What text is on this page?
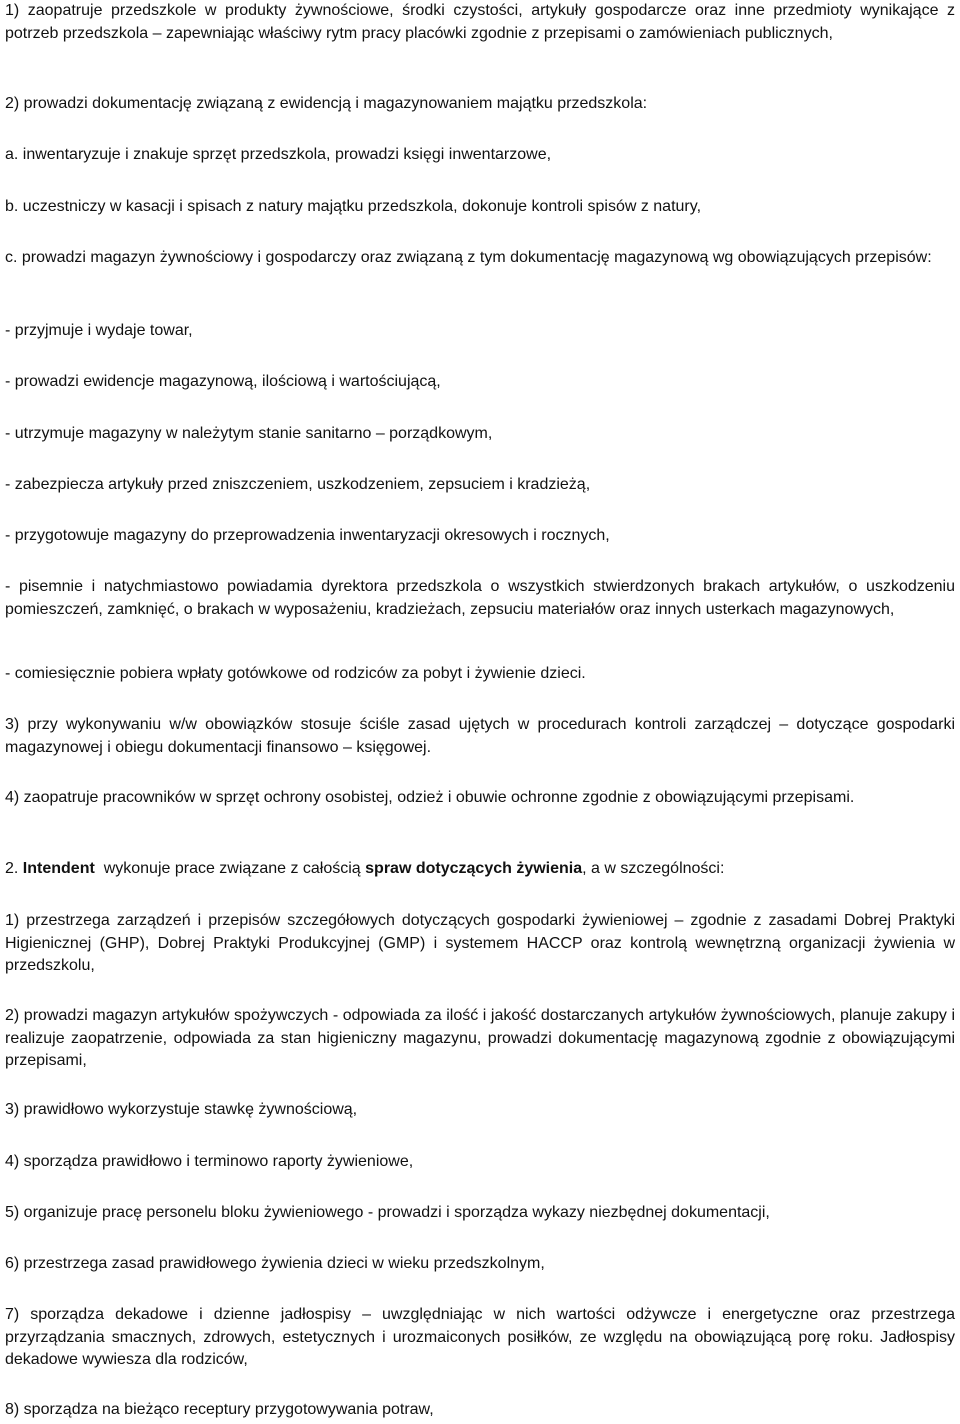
1) zaopatruje przedszkole w produkty żywnościowe, środki czystości, artykuły gospodarcze oraz inne przedmioty wynikające z potrzeb przedszkola – zapewniając właściwy rytm pracy placówki zgodnie z przepisami o zamówieniach publicznych,

2) prowadzi dokumentację związaną z ewidencją i magazynowaniem majątku przedszkola:

a. inwentaryzuje i znakuje sprzęt przedszkola, prowadzi księgi inwentarzowe,

b. uczestniczy w kasacji i spisach z natury majątku przedszkola, dokonuje kontroli spisów z natury,

c. prowadzi magazyn żywnościowy i gospodarczy oraz związaną z tym dokumentację magazynową wg obowiązujących przepisów:

- przyjmuje i wydaje towar,

- prowadzi ewidencje magazynową, ilościową i wartościującą,

- utrzymuje magazyny w należytym stanie sanitarno – porządkowym,

- zabezpiecza artykuły przed zniszczeniem, uszkodzeniem, zepsuciem i kradzieżą,

- przygotowuje magazyny do przeprowadzenia inwentaryzacji okresowych i rocznych,

- pisemnie i natychmiastowo powiadamia dyrektora przedszkola o wszystkich stwierdzonych brakach artykułów, o uszkodzeniu pomieszczeń, zamknięć, o brakach w wyposażeniu, kradzieżach, zepsuciu materiałów oraz innych usterkach magazynowych,

- comiesięcznie pobiera wpłaty gotówkowe od rodziców za pobyt i żywienie dzieci.

3) przy wykonywaniu w/w obowiązków stosuje ściśle zasad ujętych w procedurach kontroli zarządczej – dotyczące gospodarki magazynowej i obiegu dokumentacji finansowo – księgowej.

4) zaopatruje pracowników w sprzęt ochrony osobistej, odzież i obuwie ochronne zgodnie z obowiązującymi przepisami.

2. Intendent  wykonuje prace związane z całością spraw dotyczących żywienia, a w szczególności:

1) przestrzega zarządzeń i przepisów szczegółowych dotyczących gospodarki żywieniowej – zgodnie z zasadami Dobrej Praktyki Higienicznej (GHP), Dobrej Praktyki Produkcyjnej (GMP) i systemem HACCP oraz kontrolą wewnętrzną organizacji żywienia w przedszkolu,

2) prowadzi magazyn artykułów spożywczych - odpowiada za ilość i jakość dostarczanych artykułów żywnościowych, planuje zakupy i realizuje zaopatrzenie, odpowiada za stan higieniczny magazynu, prowadzi dokumentację magazynową zgodnie z obowiązującymi przepisami,

3) prawidłowo wykorzystuje stawkę żywnościową,

4) sporządza prawidłowo i terminowo raporty żywieniowe,

5) organizuje pracę personelu bloku żywieniowego - prowadzi i sporządza wykazy niezbędnej dokumentacji,

6) przestrzega zasad prawidłowego żywienia dzieci w wieku przedszkolnym,

7) sporządza dekadowe i dzienne jadłospisy – uwzględniając w nich wartości odżywcze i energetyczne oraz przestrzega przyrządzania smacznych, zdrowych, estetycznych i urozmaiconych posiłków, ze względu na obowiązującą porę roku. Jadłospisy dekadowe wywiesza dla rodziców,

8) sporządza na bieżąco receptury przygotowywania potraw,
